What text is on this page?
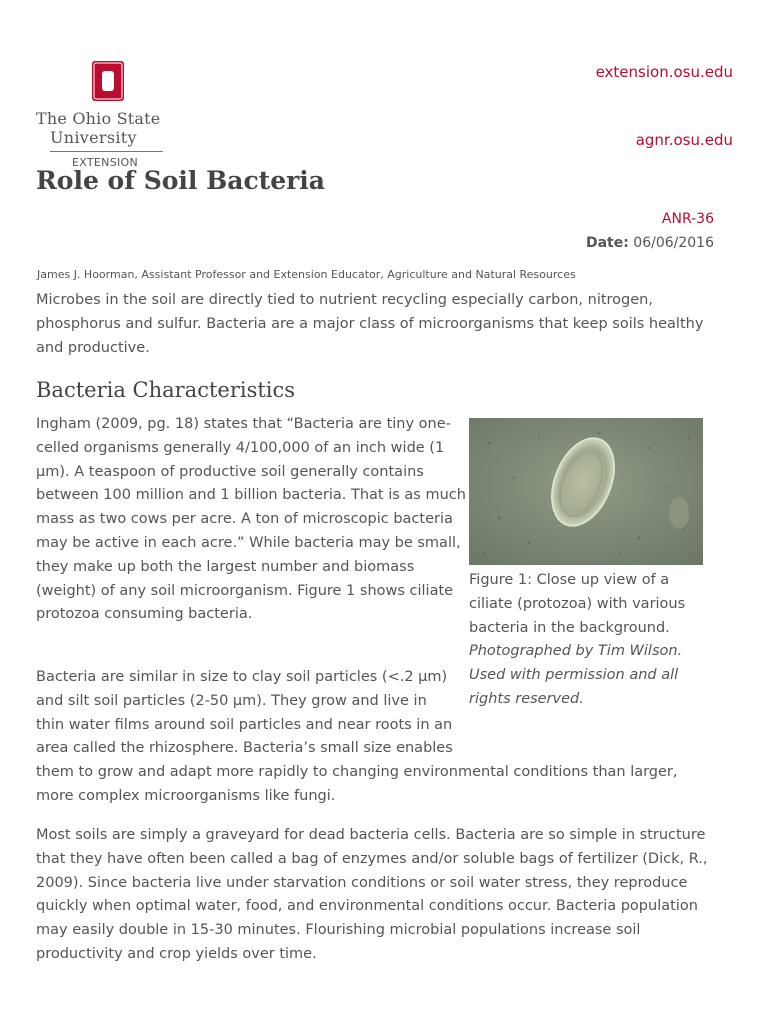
The Ohio State
University
EXTENSION
extension.osu.edu
agnr.osu.edu
Role of Soil Bacteria
ANR-36
Date: 06/06/2016
James J. Hoorman, Assistant Professor and Extension Educator, Agriculture and Natural Resources

Microbes in the soil are directly tied to nutrient recycling especially carbon, nitrogen, phosphorus and sulfur. Bacteria are a major class of microorganisms that keep soils healthy and productive.

Bacteria Characteristics

Ingham (2009, pg. 18) states that “Bacteria are tiny one-celled organisms generally 4/100,000 of an inch wide (1 µm). A teaspoon of productive soil generally contains between 100 million and 1 billion bacteria. That is as much mass as two cows per acre. A ton of microscopic bacteria may be active in each acre.” While bacteria may be small, they make up both the largest number and biomass (weight) of any soil microorganism. Figure 1 shows ciliate protozoa consuming bacteria.

Figure 1: Close up view of a ciliate (protozoa) with various bacteria in the background. Photographed by Tim Wilson. Used with permission and all rights reserved.

Bacteria are similar in size to clay soil particles (<.2 µm) and silt soil particles (2-50 µm). They grow and live in thin water films around soil particles and near roots in an area called the rhizosphere. Bacteria’s small size enables them to grow and adapt more rapidly to changing environmental conditions than larger, more complex microorganisms like fungi.

Most soils are simply a graveyard for dead bacteria cells. Bacteria are so simple in structure that they have often been called a bag of enzymes and/or soluble bags of fertilizer (Dick, R., 2009). Since bacteria live under starvation conditions or soil water stress, they reproduce quickly when optimal water, food, and environmental conditions occur. Bacteria population may easily double in 15-30 minutes. Flourishing microbial populations increase soil productivity and crop yields over time.
